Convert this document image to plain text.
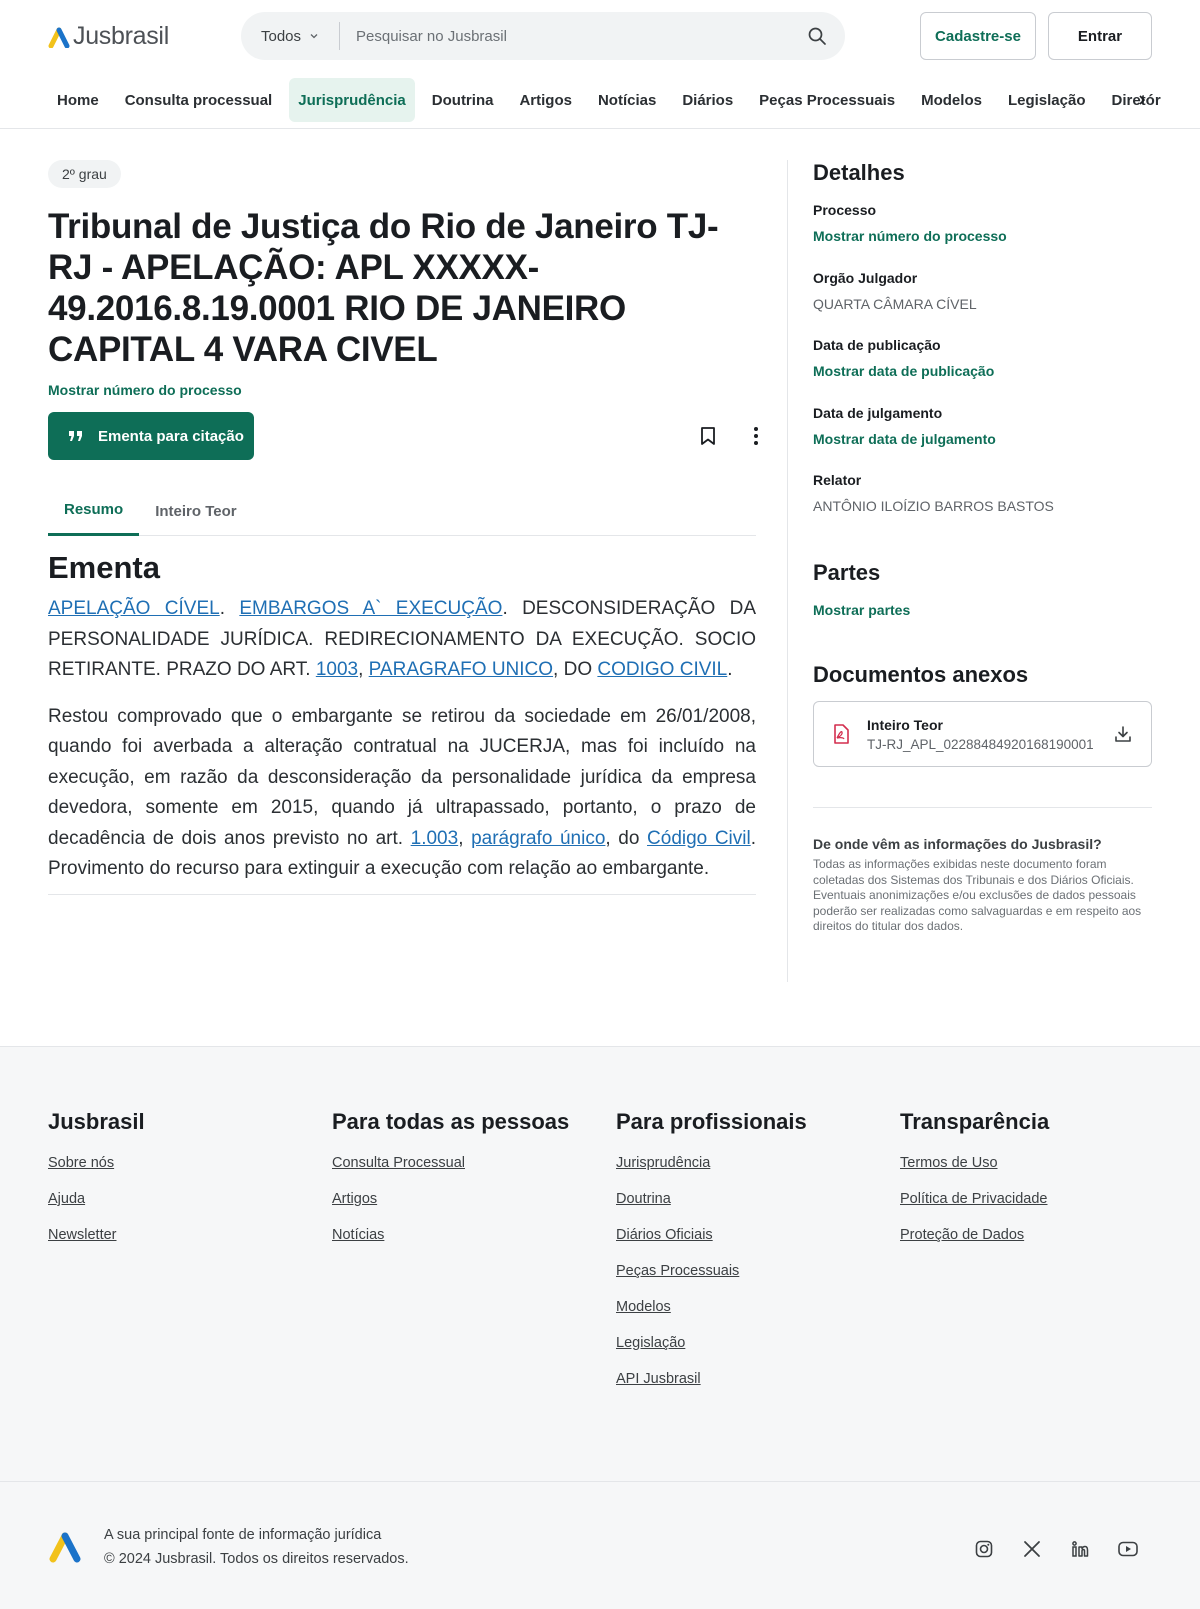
Jusbrasil	Todos
Pesquisar no Jusbrasil	Cadastre-se	Entrar
Home	Consulta processual	Jurisprudência	Doutrina	Artigos	Notícias	Diários	Peças Processuais	Modelos	Legislação	Diretór
2º grau
Tribunal de Justiça do Rio de Janeiro TJ-RJ - APELAÇÃO: APL XXXXX-49.2016.8.19.0001 RIO DE JANEIRO CAPITAL 4 VARA CIVEL
Mostrar número do processo
Ementa para citação
Resumo	Inteiro Teor
Ementa

APELAÇÃO CÍVEL. EMBARGOS A` EXECUÇÃO. DESCONSIDERAÇÃO DA PERSONALIDADE JURÍDICA. REDIRECIONAMENTO DA EXECUÇÃO. SOCIO RETIRANTE. PRAZO DO ART. 1003, PARAGRAFO UNICO, DO CODIGO CIVIL.

Restou comprovado que o embargante se retirou da sociedade em 26/01/2008, quando foi averbada a alteração contratual na JUCERJA, mas foi incluído na execução, em razão da desconsideração da personalidade jurídica da empresa devedora, somente em 2015, quando já ultrapassado, portanto, o prazo de decadência de dois anos previsto no art. 1.003, parágrafo único, do Código Civil. Provimento do recurso para extinguir a execução com relação ao embargante.

Detalhes
Processo
Mostrar número do processo
Orgão Julgador
QUARTA CÂMARA CÍVEL
Data de publicação
Mostrar data de publicação
Data de julgamento
Mostrar data de julgamento
Relator
ANTÔNIO ILOÍZIO BARROS BASTOS
Partes
Mostrar partes
Documentos anexos
Inteiro Teor
TJ-RJ_APL_02288484920168190001
De onde vêm as informações do Jusbrasil?
Todas as informações exibidas neste documento foram coletadas dos Sistemas dos Tribunais e dos Diários Oficiais. Eventuais anonimizações e/ou exclusões de dados pessoais poderão ser realizadas como salvaguardas e em respeito aos direitos do titular dos dados.
Jusbrasil
Sobre nós
Ajuda
Newsletter
Para todas as pessoas
Consulta Processual
Artigos
Notícias
Para profissionais
Jurisprudência
Doutrina
Diários Oficiais
Peças Processuais
Modelos
Legislação
API Jusbrasil
Transparência
Termos de Uso
Política de Privacidade
Proteção de Dados
A sua principal fonte de informação jurídica
© 2024 Jusbrasil. Todos os direitos reservados.
